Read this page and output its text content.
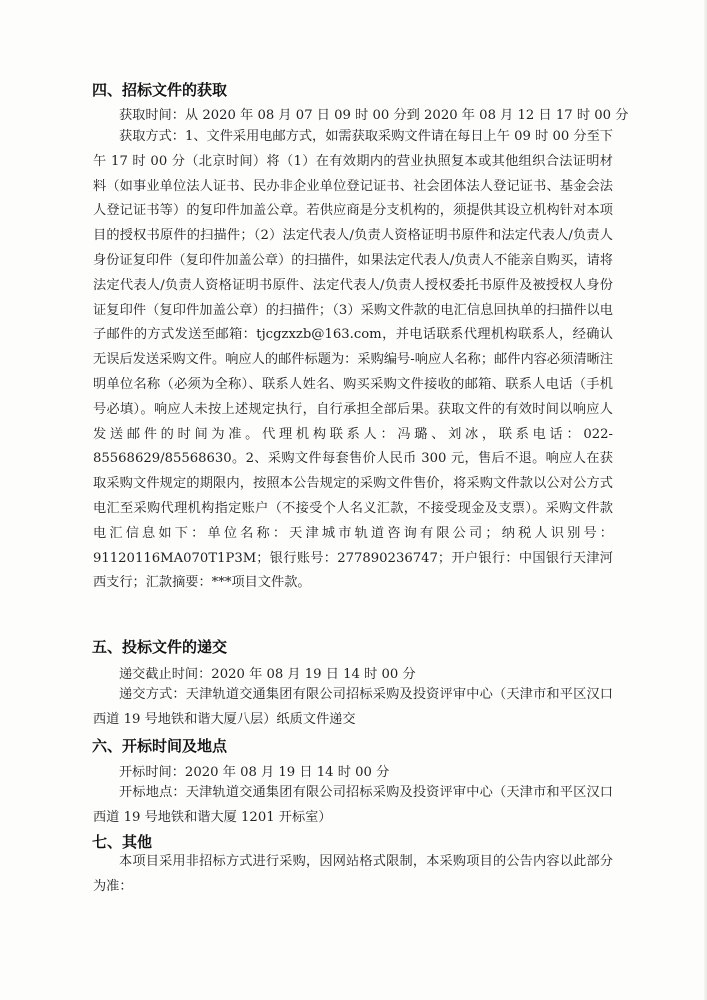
四、招标文件的获取
获取时间：从 2020 年 08 月 07 日 09 时 00 分到 2020 年 08 月 12 日 17 时 00 分
获取方式：1、文件采用电邮方式，如需获取采购文件请在每日上午 09 时 00 分至下午 17 时 00 分（北京时间）将（1）在有效期内的营业执照复本或其他组织合法证明材料（如事业单位法人证书、民办非企业单位登记证书、社会团体法人登记证书、基金会法人登记证书等）的复印件加盖公章。若供应商是分支机构的，须提供其设立机构针对本项目的授权书原件的扫描件；（2）法定代表人/负责人资格证明书原件和法定代表人/负责人身份证复印件（复印件加盖公章）的扫描件，如果法定代表人/负责人不能亲自购买，请将法定代表人/负责人资格证明书原件、法定代表人/负责人授权委托书原件及被授权人身份证复印件（复印件加盖公章）的扫描件；（3）采购文件款的电汇信息回执单的扫描件以电子邮件的方式发送至邮箱：tjcgzxzb@163.com，并电话联系代理机构联系人，经确认无误后发送采购文件。响应人的邮件标题为：采购编号-响应人名称；邮件内容必须清晰注明单位名称（必须为全称）、联系人姓名、购买采购文件接收的邮箱、联系人电话（手机号必填）。响应人未按上述规定执行，自行承担全部后果。获取文件的有效时间以响应人发送邮件的时间为准。代理机构联系人：冯璐、刘冰，联系电话：022-85568629/85568630。2、采购文件每套售价人民币 300 元，售后不退。响应人在获取采购文件规定的期限内，按照本公告规定的采购文件售价，将采购文件款以公对公方式电汇至采购代理机构指定账户（不接受个人名义汇款，不接受现金及支票）。采购文件款电汇信息如下：单位名称：天津城市轨道咨询有限公司；纳税人识别号：91120116MA070T1P3M；银行账号：277890236747；开户银行：中国银行天津河西支行；汇款摘要：***项目文件款。
五、投标文件的递交
递交截止时间：2020 年 08 月 19 日 14 时 00 分
递交方式：天津轨道交通集团有限公司招标采购及投资评审中心（天津市和平区汉口西道 19 号地铁和谐大厦八层）纸质文件递交
六、开标时间及地点
开标时间：2020 年 08 月 19 日 14 时 00 分
开标地点：天津轨道交通集团有限公司招标采购及投资评审中心（天津市和平区汉口西道 19 号地铁和谐大厦 1201 开标室）
七、其他
本项目采用非招标方式进行采购，因网站格式限制，本采购项目的公告内容以此部分为准：
